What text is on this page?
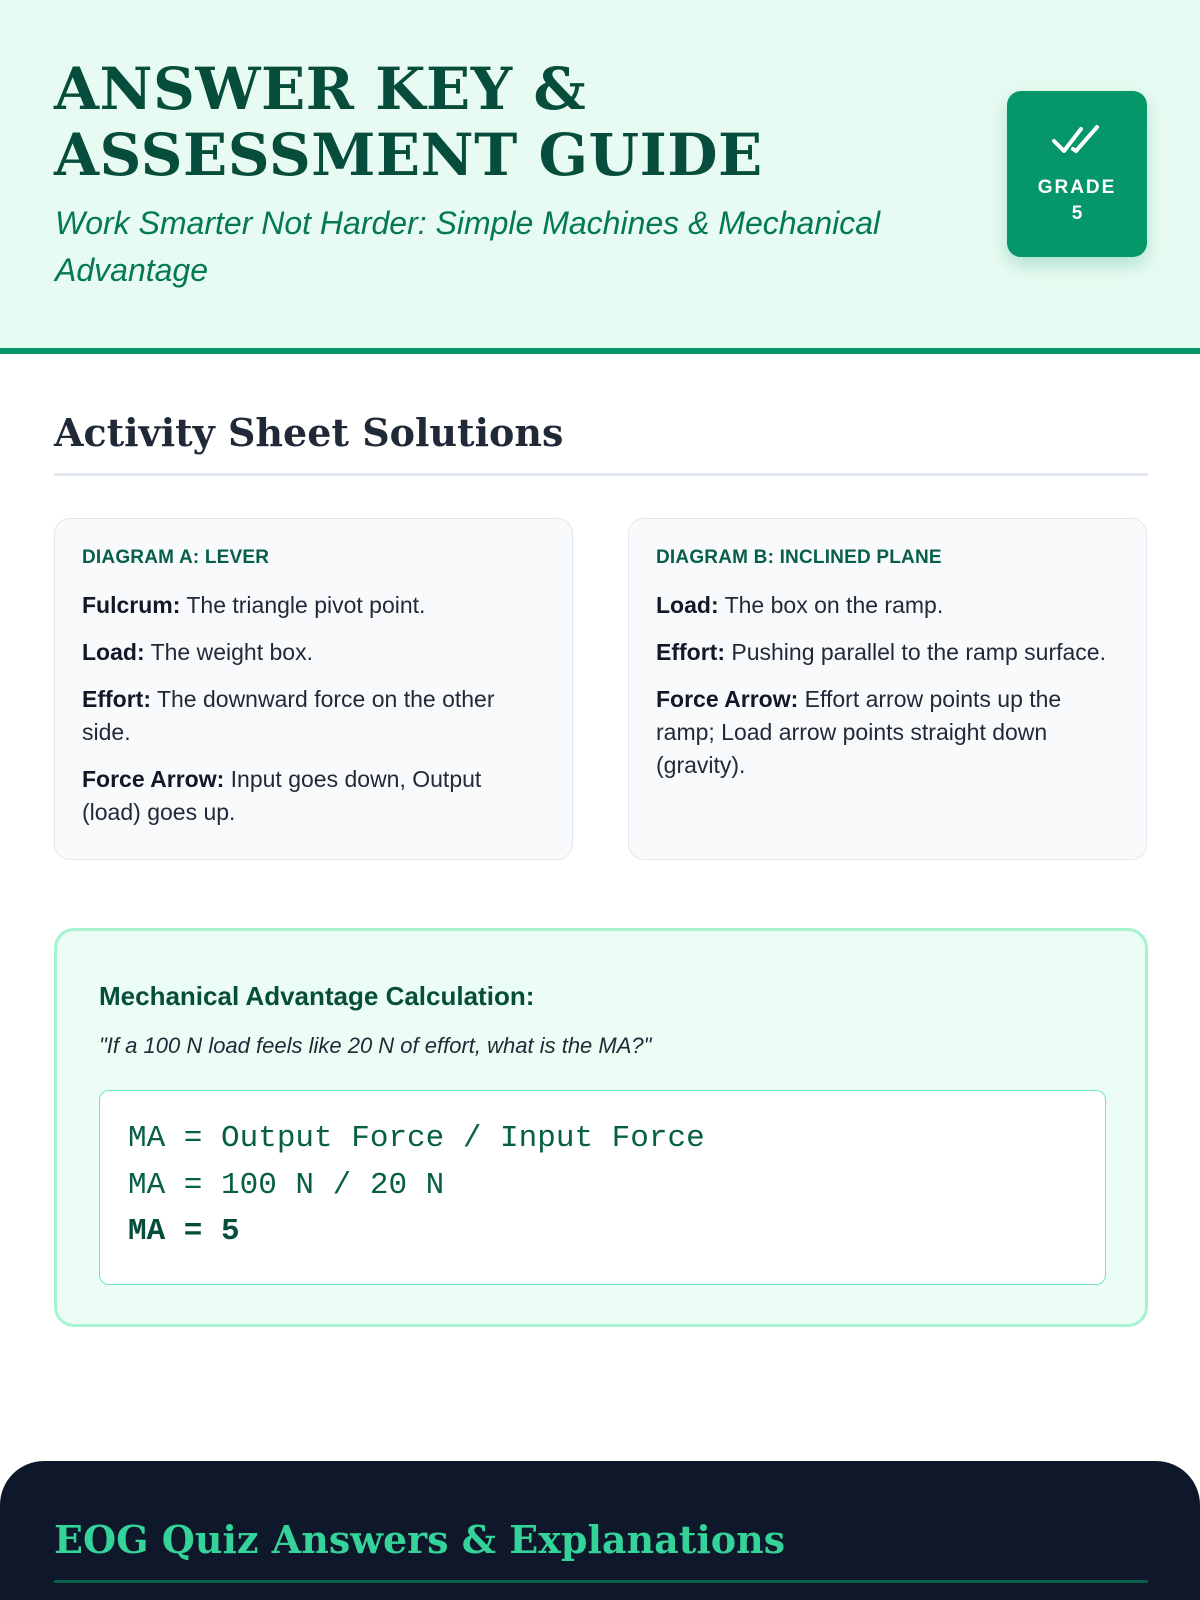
ANSWER KEY & ASSESSMENT GUIDE
Work Smarter Not Harder: Simple Machines & Mechanical Advantage
GRADE
5
Activity Sheet Solutions
DIAGRAM A: LEVER

Fulcrum: The triangle pivot point.

Load: The weight box.

Effort: The downward force on the other side.

Force Arrow: Input goes down, Output (load) goes up.

DIAGRAM B: INCLINED PLANE

Load: The box on the ramp.

Effort: Pushing parallel to the ramp surface.

Force Arrow: Effort arrow points up the ramp; Load arrow points straight down (gravity).

Mechanical Advantage Calculation:
"If a 100 N load feels like 20 N of effort, what is the MA?"
MA = Output Force / Input Force
MA = 100 N / 20 N
MA = 5
EOG Quiz Answers & Explanations
